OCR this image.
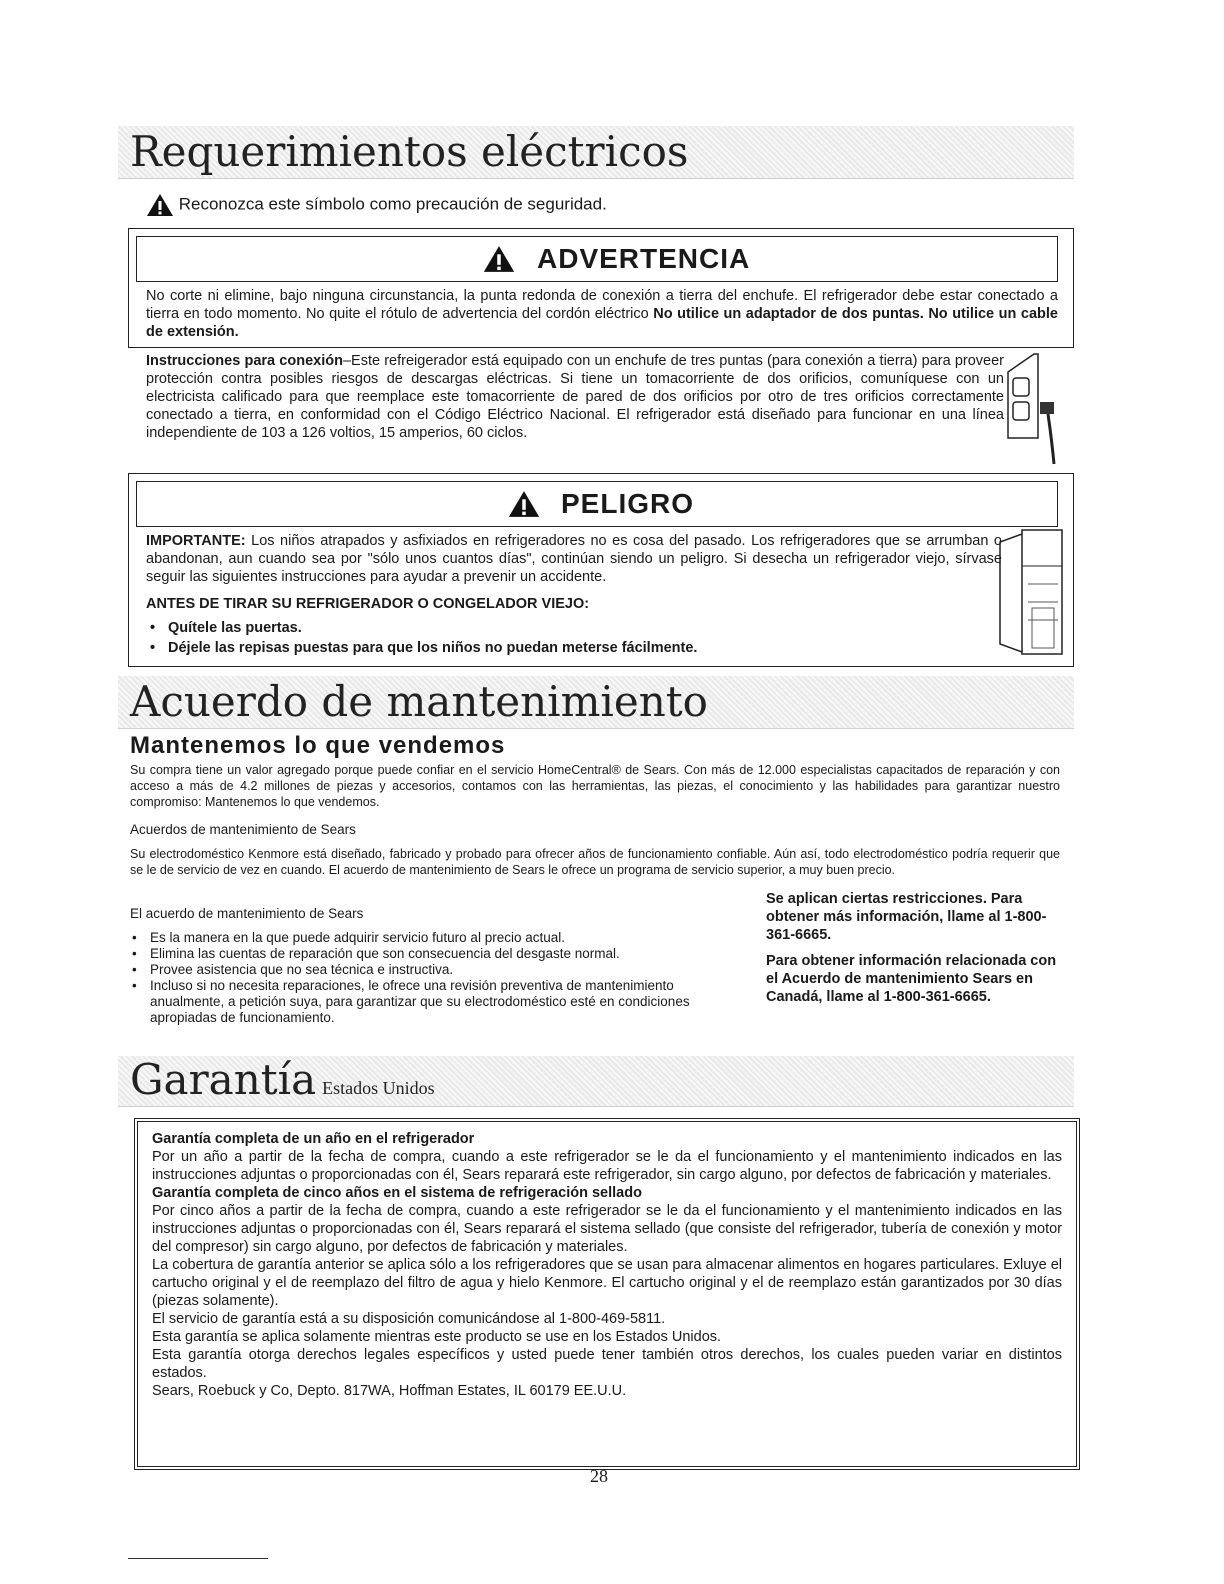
Requerimientos eléctricos
Reconozca este símbolo como precaución de seguridad.
ADVERTENCIA

No corte ni elimine, bajo ninguna circunstancia, la punta redonda de conexión a tierra del enchufe. El refrigerador debe estar conectado a tierra en todo momento. No quite el rótulo de advertencia del cordón eléctrico No utilice un adaptador de dos puntas. No utilice un cable de extensión.

Instrucciones para conexión–Este refreigerador está equipado con un enchufe de tres puntas (para conexión a tierra) para proveer protección contra posibles riesgos de descargas eléctricas. Si tiene un tomacorriente de dos orificios, comuníquese con un electricista calificado para que reemplace este tomacorriente de pared de dos orificios por otro de tres orificios correctamente conectado a tierra, en conformidad con el Código Eléctrico Nacional. El refrigerador está diseñado para funcionar en una línea independiente de 103 a 126 voltios, 15 amperios, 60 ciclos.

PELIGRO

IMPORTANTE: Los niños atrapados y asfixiados en refrigeradores no es cosa del pasado. Los refrigeradores que se arrumban o abandonan, aun cuando sea por "sólo unos cuantos días", continúan siendo un peligro. Si desecha un refrigerador viejo, sírvase seguir las siguientes instrucciones para ayudar a prevenir un accidente.

ANTES DE TIRAR SU REFRIGERADOR O CONGELADOR VIEJO:
• Quítele las puertas.
• Déjele las repisas puestas para que los niños no puedan meterse fácilmente.
Acuerdo de mantenimiento
Mantenemos lo que vendemos

Su compra tiene un valor agregado porque puede confiar en el servicio HomeCentral® de Sears. Con más de 12.000 especialistas capacitados de reparación y con acceso a más de 4.2 millones de piezas y accesorios, contamos con las herramientas, las piezas, el conocimiento y las habilidades para garantizar nuestro compromiso: Mantenemos lo que vendemos.

Acuerdos de mantenimiento de Sears

Su electrodoméstico Kenmore está diseñado, fabricado y probado para ofrecer años de funcionamiento confiable. Aún así, todo electrodoméstico podría requerir que se le de servicio de vez en cuando. El acuerdo de mantenimiento de Sears le ofrece un programa de servicio superior, a muy buen precio.

El acuerdo de mantenimiento de Sears
• Es la manera en la que puede adquirir servicio futuro al precio actual.
• Elimina las cuentas de reparación que son consecuencia del desgaste normal.
• Provee asistencia que no sea técnica e instructiva.
• Incluso si no necesita reparaciones, le ofrece una revisión preventiva de mantenimiento anualmente, a petición suya, para garantizar que su electrodoméstico esté en condiciones apropiadas de funcionamiento.
Se aplican ciertas restricciones. Para obtener más información, llame al 1-800-361-6665.
Para obtener información relacionada con el Acuerdo de mantenimiento Sears en Canadá, llame al 1-800-361-6665.
Garantía Estados Unidos
Garantía completa de un año en el refrigerador

Por un año a partir de la fecha de compra, cuando a este refrigerador se le da el funcionamiento y el mantenimiento indicados en las instrucciones adjuntas o proporcionadas con él, Sears reparará este refrigerador, sin cargo alguno, por defectos de fabricación y materiales.

Garantía completa de cinco años en el sistema de refrigeración sellado

Por cinco años a partir de la fecha de compra, cuando a este refrigerador se le da el funcionamiento y el mantenimiento indicados en las instrucciones adjuntas o proporcionadas con él, Sears reparará el sistema sellado (que consiste del refrigerador, tubería de conexión y motor del compresor) sin cargo alguno, por defectos de fabricación y materiales.

La cobertura de garantía anterior se aplica sólo a los refrigeradores que se usan para almacenar alimentos en hogares particulares. Exluye el cartucho original y el de reemplazo del filtro de agua y hielo Kenmore. El cartucho original y el de reemplazo están garantizados por 30 días (piezas solamente).

El servicio de garantía está a su disposición comunicándose al 1-800-469-5811.

Esta garantía se aplica solamente mientras este producto se use en los Estados Unidos.

Esta garantía otorga derechos legales específicos y usted puede tener también otros derechos, los cuales pueden variar en distintos estados.

Sears, Roebuck y Co, Depto. 817WA, Hoffman Estates, IL 60179 EE.U.U.

28
